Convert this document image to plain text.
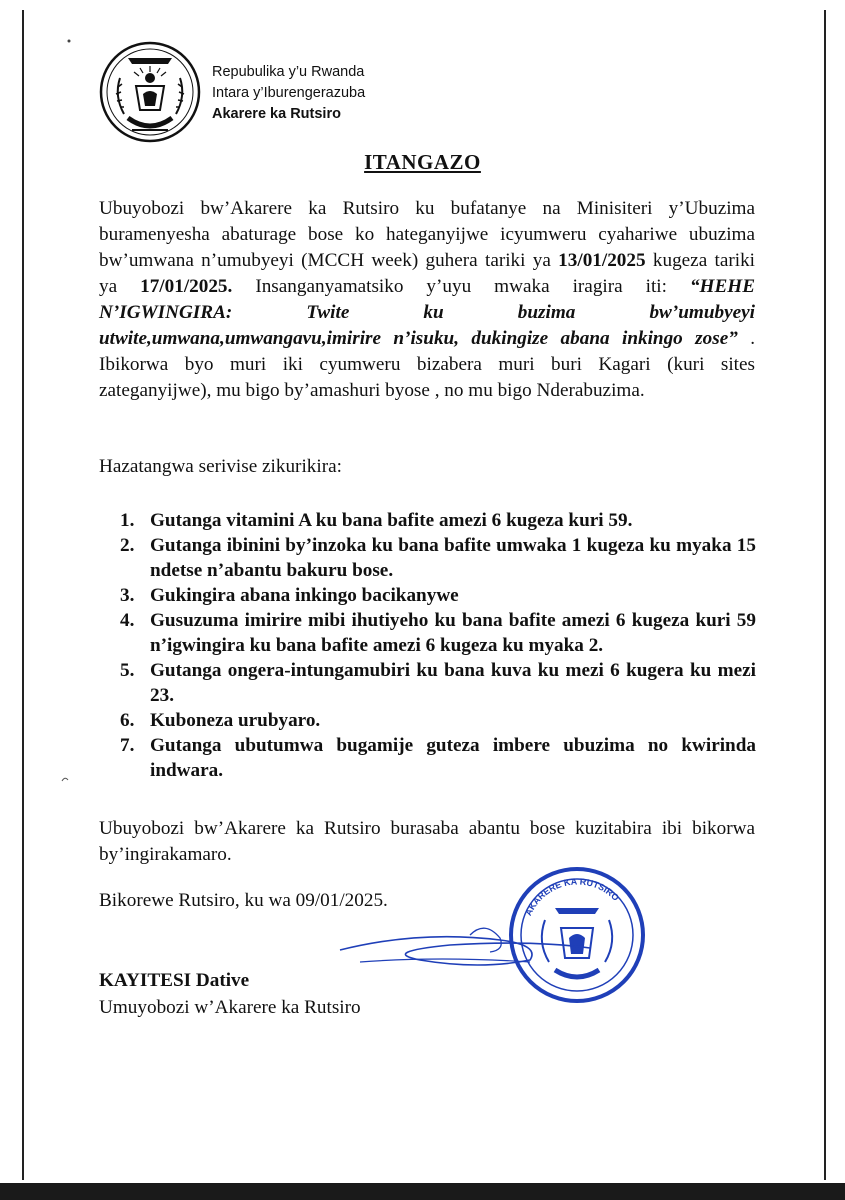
Repubulika y’u Rwanda
Intara y’Iburengerazuba
Akarere ka Rutsiro
ITANGAZO

Ubuyobozi bw’Akarere ka Rutsiro ku bufatanye na Minisiteri y’Ubuzima buramenyesha abaturage bose ko hateganyijwe icyumweru cyahariwe ubuzima bw’umwana n’umubyeyi (MCCH week) guhera tariki ya 13/01/2025 kugeza tariki ya 17/01/2025. Insanganyamatsiko y’uyu mwaka iragira iti: “HEHE N’IGWINGIRA: Twite ku buzima bw’umubyeyi utwite,umwana,umwangavu,imirire n’isuku, dukingize abana inkingo zose” . Ibikorwa byo muri iki cyumweru bizabera muri buri Kagari (kuri sites zateganyijwe), mu bigo by’amashuri byose , no mu bigo Nderabuzima.

Hazatangwa serivise zikurikira:
1. Gutanga vitamini A ku bana bafite amezi 6 kugeza kuri 59.
2. Gutanga ibinini by’inzoka ku bana bafite umwaka 1 kugeza ku myaka 15 ndetse n’abantu bakuru bose.
3. Gukingira abana inkingo bacikanywe
4. Gusuzuma imirire mibi ihutiyeho ku bana bafite amezi 6 kugeza kuri 59 n’igwingira ku bana bafite amezi 6 kugeza ku myaka 2.
5. Gutanga ongera-intungamubiri ku bana kuva ku mezi 6 kugera ku mezi 23.
6. Kuboneza urubyaro.
7. Gutanga ubutumwa bugamije guteza imbere ubuzima no kwirinda indwara.
Ubuyobozi bw’Akarere ka Rutsiro burasaba abantu bose kuzitabira ibi bikorwa by’ingirakamaro.
Bikorewe Rutsiro, ku wa 09/01/2025.
AKARERE KA RUTSIRO
KAYITESI Dative
Umuyobozi w’Akarere ka Rutsiro
